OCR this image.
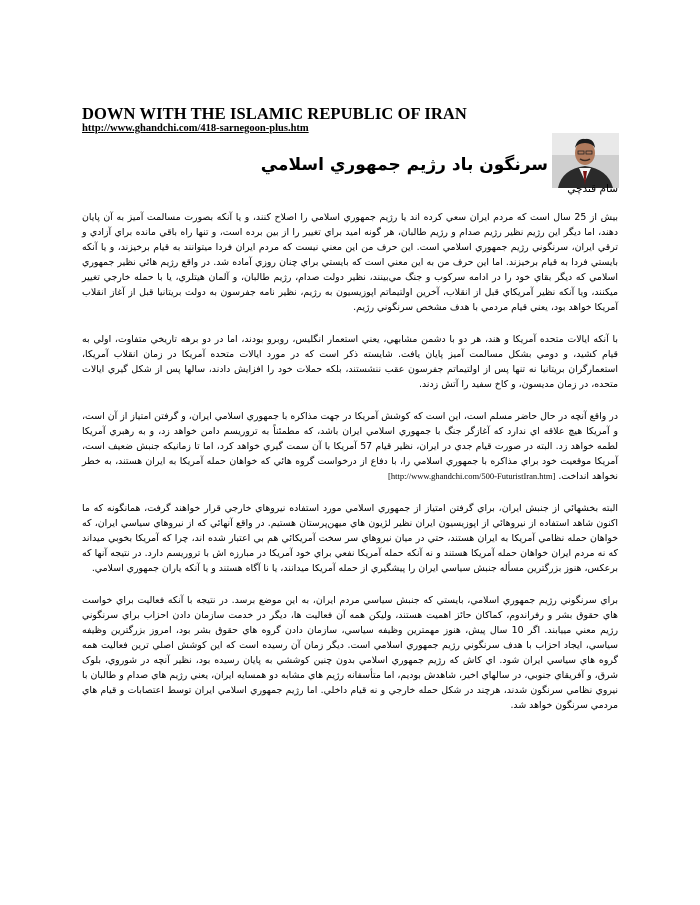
DOWN WITH THE ISLAMIC REPUBLIC OF IRAN
http://www.ghandchi.com/418-sarnegoon-plus.htm
سرنگون باد رژيم جمهوري اسلامي
سام قندچي

بيش از 25 سال است که مردم ايران سعي کرده اند يا رژيم جمهوري اسلامي را اصلاح کنند، و يا آنکه بصورت مسالمت آميز به آن پايان دهند، اما ديگر اين رژيم نظير رژيم صدام و رژيم طالبان، هر گونه اميد براي تغيير را از بين برده است، و تنها راه باقي مانده براي آزادي و ترقي ايران، سرنگوني رژيم جمهوري اسلامي است. اين حرف من اين معني نيست که مردم ايران فردا ميتوانند به قيام برخيزند، و يا آنکه بايستي فردا به قيام برخيزند. اما اين حرف من به اين معني است که بايستي براي چنان روزي آماده شد. در واقع رژيم هائي نظير جمهوري اسلامي که ديگر بقاي خود را در ادامه سرکوب و جنگ مي‌بينند، نظير دولت صدام، رژيم طالبان، و آلمان هيتلري، يا با حمله خارجي تغيير ميکنند، ويا آنکه نظير آمريکاي قبل از انقلاب، آخرين اولتيماتم اپوزيسيون به رژيم، نظير نامه جفرسون به دولت بريتانيا قبل از آغاز انقلاب آمريکا خواهد بود، يعني قيام مردمي با هدف مشخص سرنگوني رژيم.

با آنکه ايالات متحده آمريکا و هند، هر دو با دشمن مشابهي، يعني استعمار انگليس، روبرو بودند، اما در دو برهه تاريخي متفاوت، اولي به قيام کشيد، و دومي بشکل مسالمت آميز پايان يافت. شايسته ذکر است که در مورد ايالات متحده آمريکا در زمان انقلاب آمريکا، استعمارگران بريتانيا نه تنها پس از اولتيماتم جفرسون عقب ننشستند، بلکه حملات خود را افزايش دادند، سالها پس از شکل گيري ايالات متحده، در زمان مديسون، و کاخ سفيد را آتش زدند.

در واقع آنچه در حال حاضر مسلم است، اين است که کوشش آمريکا در جهت مذاکره با جمهوري اسلامي ايران، و گرفتن امتياز از آن است، و آمريکا هيچ علاقه اي ندارد که آغازگر جنگ با جمهوري اسلامي ايران باشد، که مطمئناً به تروريسم دامن خواهد زد، و به رهبري آمريکا لطمه خواهد زد. البته در صورت قيام جدي در ايران، نظير قيام 57 آمريکا با آن سمت گيري خواهد کرد، اما تا زمانيکه جنبش ضعيف است، آمريکا موقعيت خود براي مذاکره با جمهوري اسلامي را، با دفاع از درخواست گروه هائي که خواهان حمله آمريکا به ايران هستند، به خطر نخواهد انداخت. [http://www.ghandchi.com/500-FuturistIran.htm]

البته بخشهائي از جنبش ايران، براي گرفتن امتياز از جمهوري اسلامي مورد استفاده نيروهاي خارجي قرار خواهند گرفت، همانگونه که ما اکنون شاهد استفاده از نيروهائي از اپوزيسيون ايران نظير لژيون هاي ميهن‌پرستان هستيم. در واقع آنهائي که از نيروهاي سياسي ايران، که خواهان حمله نظامي آمريکا به ايران هستند، حتي در ميان نيروهاي سر سخت آمريکائي هم بي اعتبار شده اند، چرا که آمريکا بخوبي ميداند که نه مردم ايران خواهان حمله آمريکا هستند و نه آنکه حمله آمريکا نفعي براي خود آمريکا در مبارزه اش با تروريسم دارد. در نتيجه آنها که برعکس، هنوز بزرگترين مسأله جنبش سياسي ايران را پيشگيري از حمله آمريکا ميدانند، يا نا آگاه هستند و يا آنکه ياران جمهوري اسلامي.

براي سرنگوني رژيم جمهوري اسلامي، بايستي که جنبش سياسي مردم ايران، به اين موضع برسد. در نتيجه با آنکه فعاليت براي خواست هاي حقوق بشر و رفراندوم، کماکان حائز اهميت هستند، وليکن همه آن فعاليت ها، ديگر در خدمت سازمان دادن احزاب براي سرنگوني رژيم معني مييابند. اگر 10 سال پيش، هنوز مهمترين وظيفه سياسي، سازمان دادن گروه هاي حقوق بشر بود، امروز بزرگترين وظيفه سياسي، ايجاد احزاب با هدف سرنگوني رژيم جمهوري اسلامي است. ديگر زمان آن رسيده است که اين کوشش اصلي ترين فعاليت همه گروه هاي سياسي ايران شود. اي کاش که رژيم جمهوري اسلامي بدون چنين کوششي به پايان رسيده بود، نظير آنچه در شوروي، بلوک شرق، و آفريقاي جنوبي، در سالهاي اخير، شاهدش بوديم، اما متأسفانه رژيم هاي مشابه دو همسايه ايران، يعني رژيم هاي صدام و طالبان با نيروي نظامي سرنگون شدند، هرچند در شکل حمله خارجي و نه قيام داخلي. اما رژيم جمهوري اسلامي ايران توسط اعتصابات و قيام هاي مردمي سرنگون خواهد شد.
